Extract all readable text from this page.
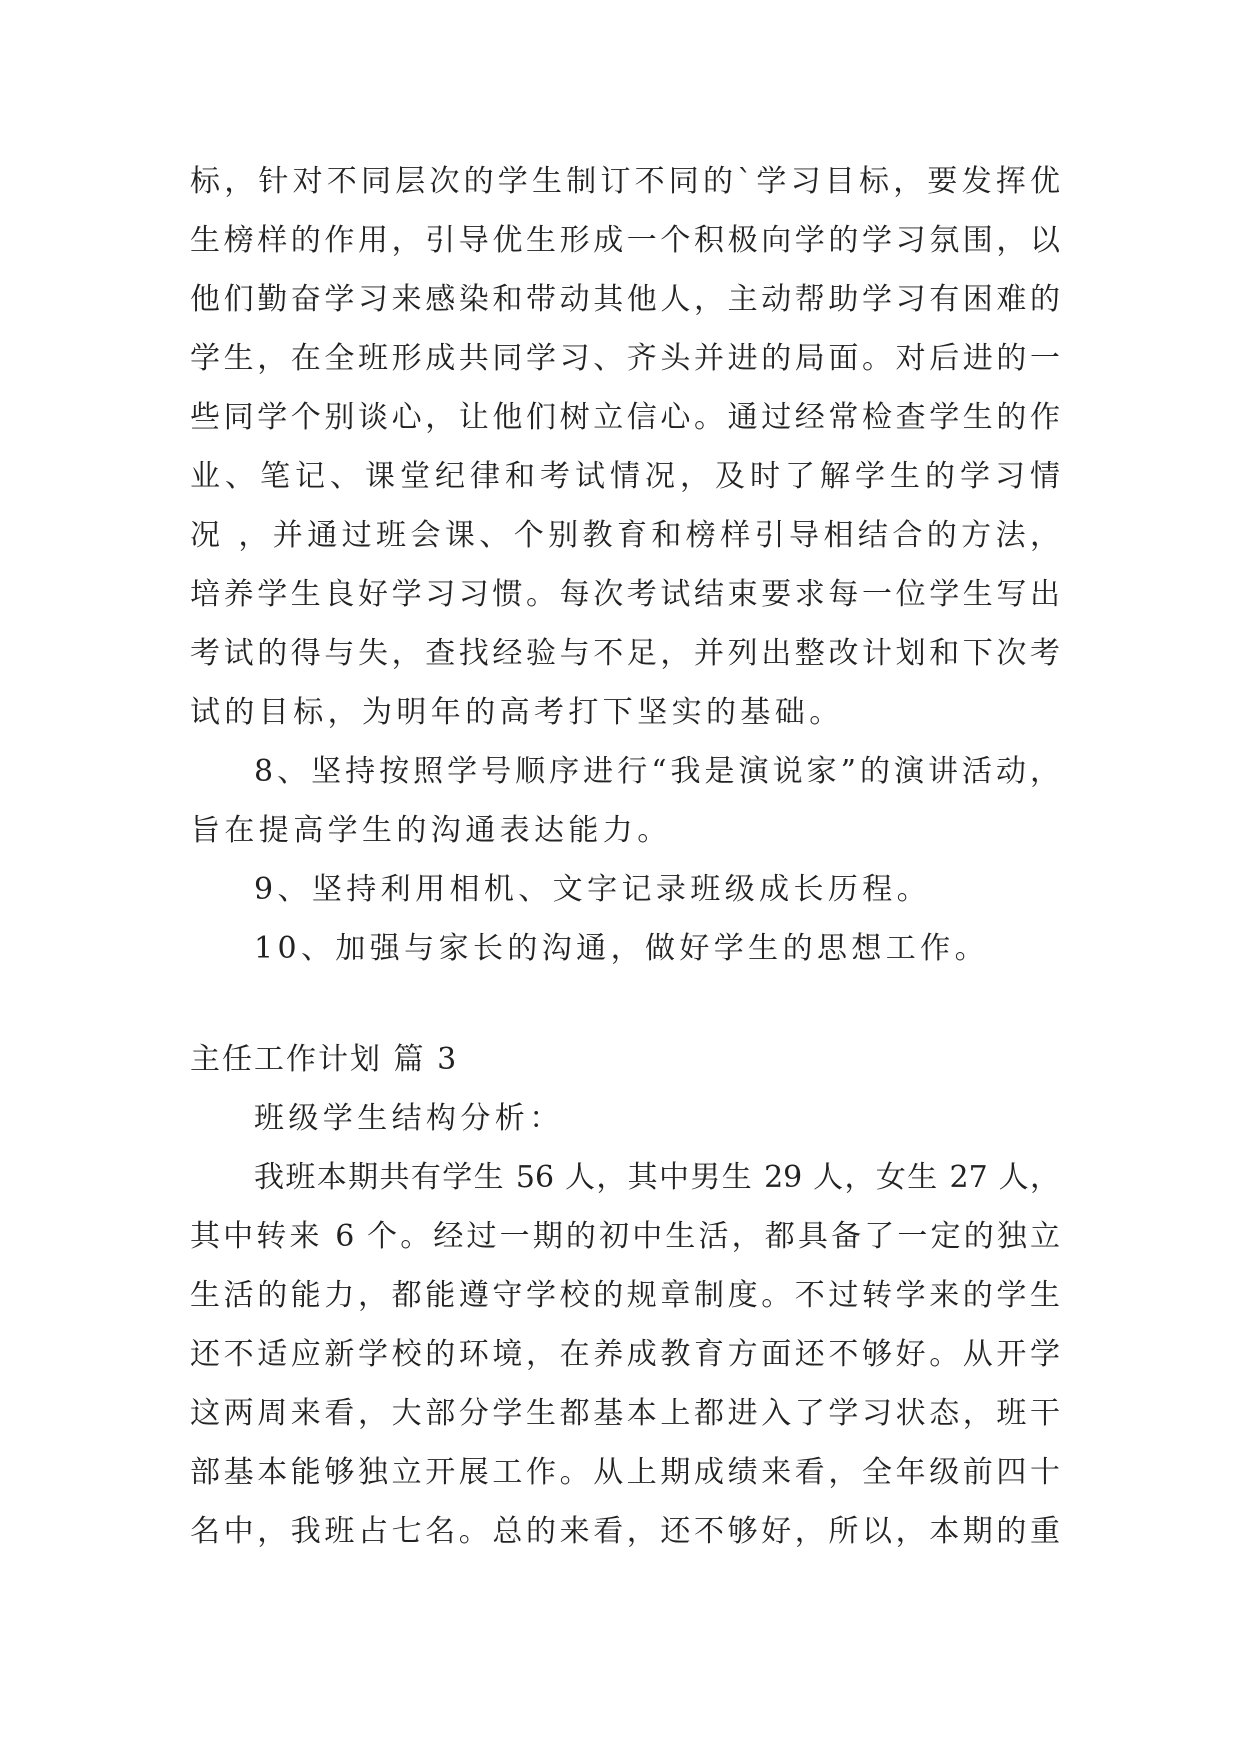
标，针对不同层次的学生制订不同的`学习目标，要发挥优
生榜样的作用，引导优生形成一个积极向学的学习氛围，以
他们勤奋学习来感染和带动其他人，主动帮助学习有困难的
学生，在全班形成共同学习、齐头并进的局面。对后进的一
些同学个别谈心，让他们树立信心。通过经常检查学生的作
业、笔记、课堂纪律和考试情况，及时了解学生的学习情
况 ，并通过班会课、个别教育和榜样引导相结合的方法，
培养学生良好学习习惯。每次考试结束要求每一位学生写出
考试的得与失，查找经验与不足，并列出整改计划和下次考
试的目标，为明年的高考打下坚实的基础。
8、坚持按照学号顺序进行“我是演说家”的演讲活动，
旨在提高学生的沟通表达能力。
9、坚持利用相机、文字记录班级成长历程。
10、加强与家长的沟通，做好学生的思想工作。
主任工作计划 篇 3
班级学生结构分析：
我班本期共有学生 56 人，其中男生 29 人，女生 27 人，
其中转来 6 个。经过一期的初中生活，都具备了一定的独立
生活的能力，都能遵守学校的规章制度。不过转学来的学生
还不适应新学校的环境，在养成教育方面还不够好。从开学
这两周来看，大部分学生都基本上都进入了学习状态，班干
部基本能够独立开展工作。从上期成绩来看，全年级前四十
名中，我班占七名。总的来看，还不够好，所以，本期的重
